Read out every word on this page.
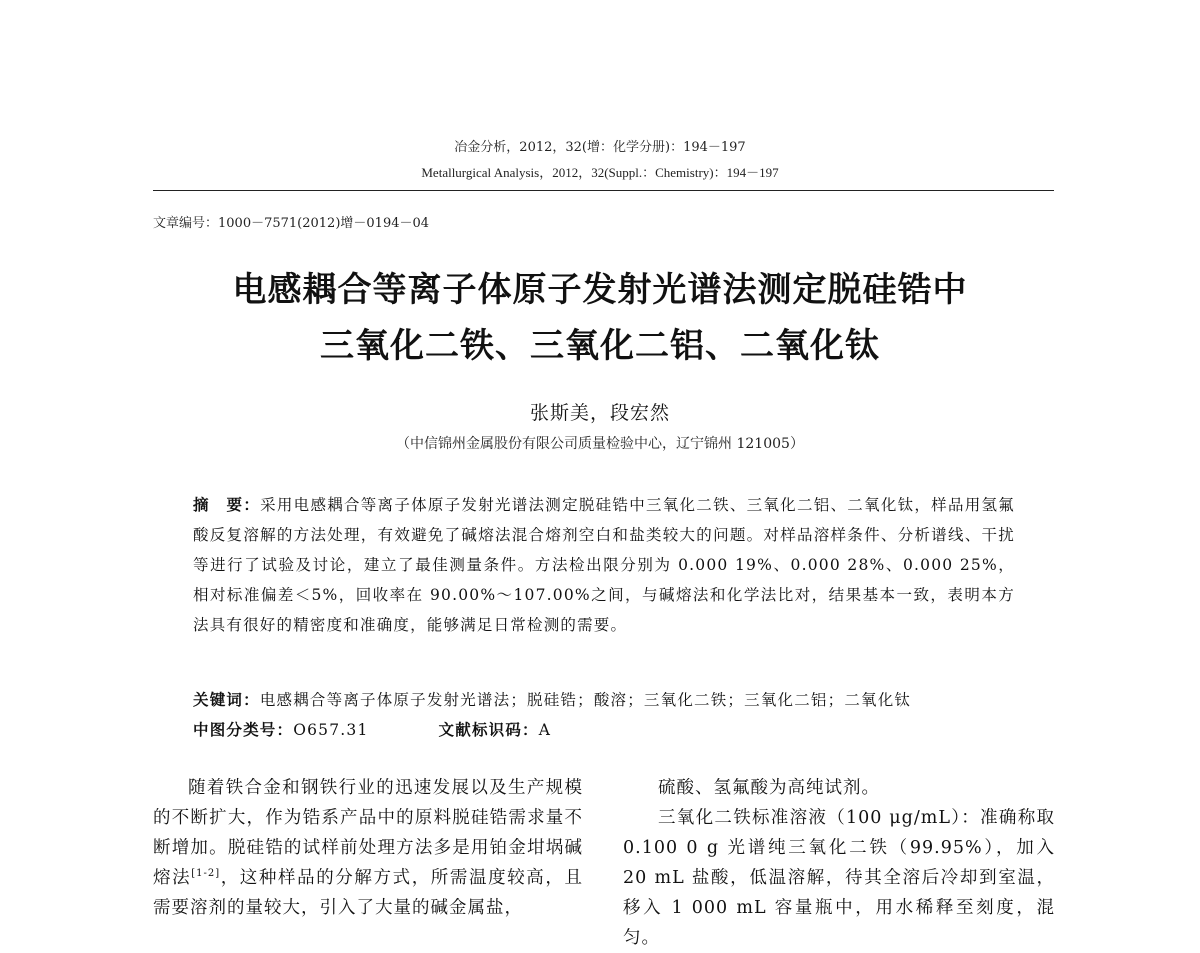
冶金分析，2012，32(增：化学分册)：194－197
Metallurgical Analysis，2012，32(Suppl.：Chemistry)：194－197
文章编号：1000－7571(2012)增－0194－04
电感耦合等离子体原子发射光谱法测定脱硅锆中
三氧化二铁、三氧化二铝、二氧化钛
张斯美，段宏然
（中信锦州金属股份有限公司质量检验中心，辽宁锦州 121005）
摘　要：采用电感耦合等离子体原子发射光谱法测定脱硅锆中三氧化二铁、三氧化二铝、二氧化钛，样品用氢氟酸反复溶解的方法处理，有效避免了碱熔法混合熔剂空白和盐类较大的问题。对样品溶样条件、分析谱线、干扰等进行了试验及讨论，建立了最佳测量条件。方法检出限分别为 0.000 19%、0.000 28%、0.000 25%，相对标准偏差＜5%，回收率在 90.00%～107.00%之间，与碱熔法和化学法比对，结果基本一致，表明本方法具有很好的精密度和准确度，能够满足日常检测的需要。
关键词：电感耦合等离子体原子发射光谱法；脱硅锆；酸溶；三氧化二铁；三氧化二铝；二氧化钛
中图分类号：O657.31	文献标识码：A

随着铁合金和钢铁行业的迅速发展以及生产规模的不断扩大，作为锆系产品中的原料脱硅锆需求量不断增加。脱硅锆的试样前处理方法多是用铂金坩埚碱熔法[1-2]，这种样品的分解方式，所需温度较高，且需要溶剂的量较大，引入了大量的碱金属盐，

硫酸、氢氟酸为高纯试剂。

三氧化二铁标准溶液（100 μg/mL）：准确称取 0.100 0 g 光谱纯三氧化二铁（99.95%），加入 20 mL 盐酸，低温溶解，待其全溶后冷却到室温，移入 1 000 mL 容量瓶中，用水稀释至刻度，混匀。
